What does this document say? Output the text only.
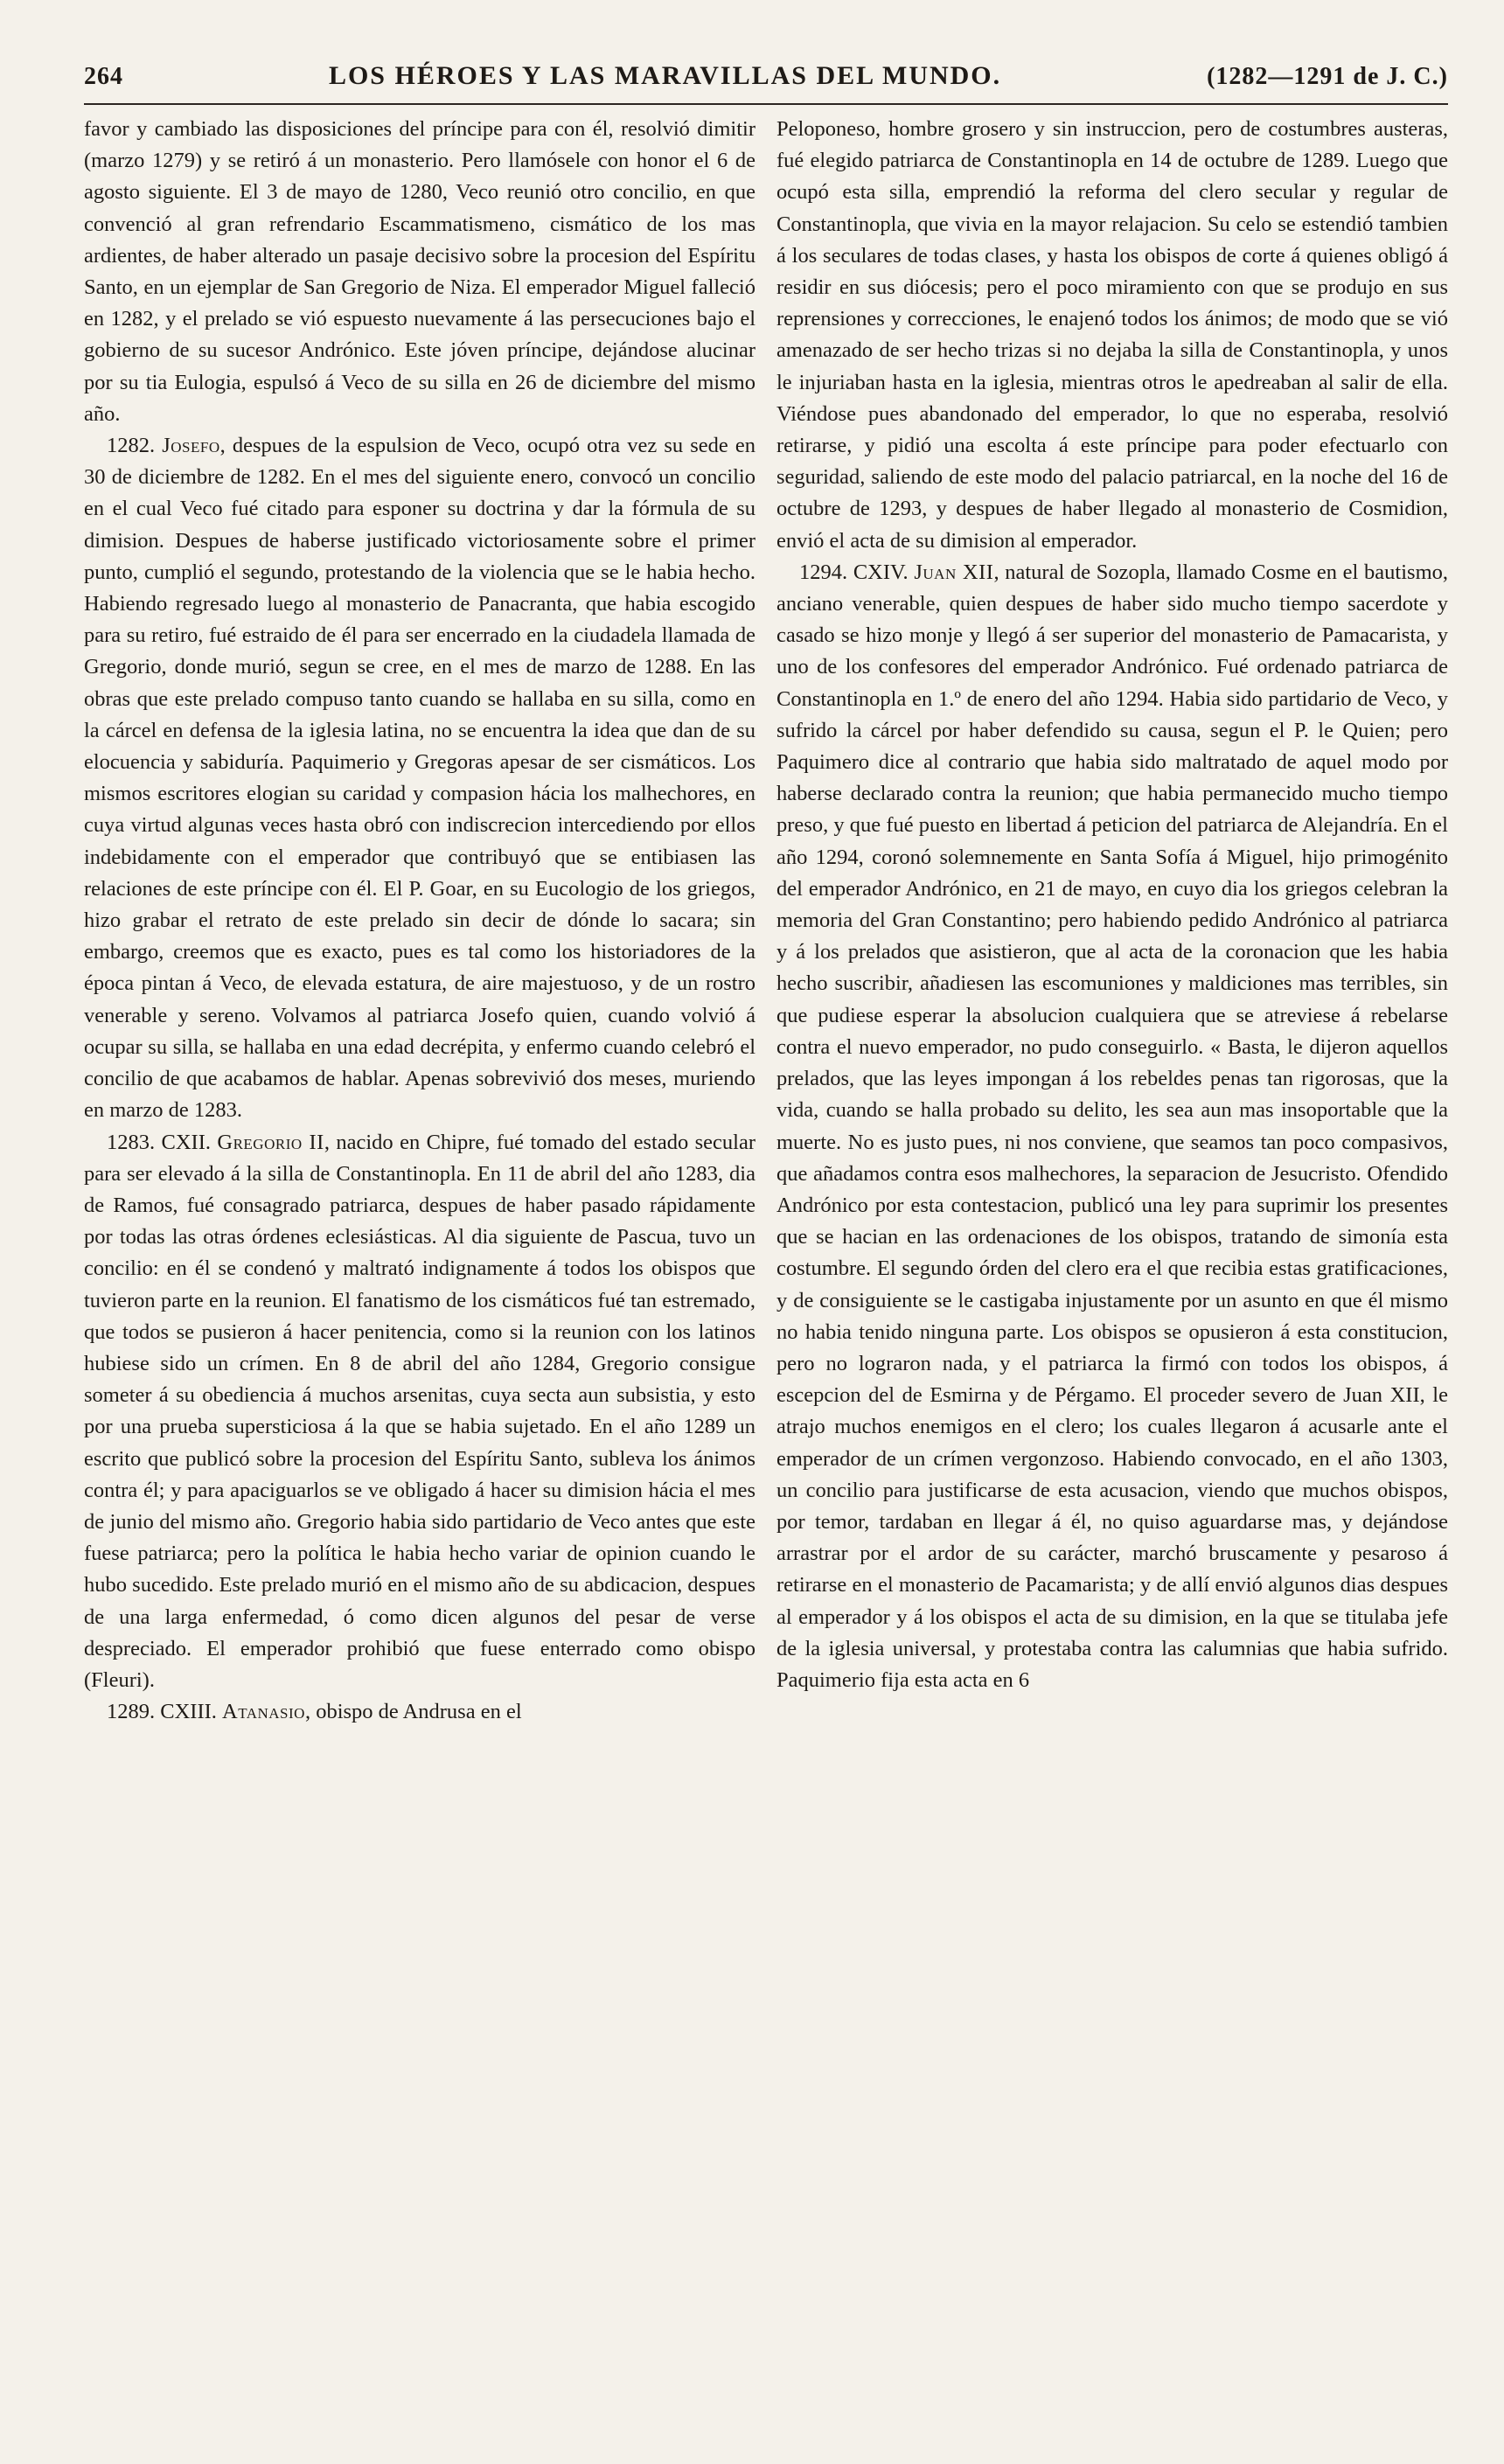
264	LOS HÉROES Y LAS MARAVILLAS DEL MUNDO.	(1282—1291 de J. C.)

favor y cambiado las disposiciones del príncipe para con él, resolvió dimitir (marzo 1279) y se retiró á un monasterio. Pero llamósele con honor el 6 de agosto siguiente. El 3 de mayo de 1280, Veco reunió otro concilio, en que convenció al gran refrendario Escammatismeno, cismático de los mas ardientes, de haber alterado un pasaje decisivo sobre la procesion del Espíritu Santo, en un ejemplar de San Gregorio de Niza. El emperador Miguel falleció en 1282, y el prelado se vió espuesto nuevamente á las persecuciones bajo el gobierno de su sucesor Andrónico. Este jóven príncipe, dejándose alucinar por su tia Eulogia, espulsó á Veco de su silla en 26 de diciembre del mismo año.

1282. Josefo, despues de la espulsion de Veco, ocupó otra vez su sede en 30 de diciembre de 1282. En el mes del siguiente enero, convocó un concilio en el cual Veco fué citado para esponer su doctrina y dar la fórmula de su dimision. Despues de haberse justificado victoriosamente sobre el primer punto, cumplió el segundo, protestando de la violencia que se le habia hecho. Habiendo regresado luego al monasterio de Panacranta, que habia escogido para su retiro, fué estraido de él para ser encerrado en la ciudadela llamada de Gregorio, donde murió, segun se cree, en el mes de marzo de 1288. En las obras que este prelado compuso tanto cuando se hallaba en su silla, como en la cárcel en defensa de la iglesia latina, no se encuentra la idea que dan de su elocuencia y sabiduría. Paquimerio y Gregoras apesar de ser cismáticos. Los mismos escritores elogian su caridad y compasion hácia los malhechores, en cuya virtud algunas veces hasta obró con indiscrecion intercediendo por ellos indebidamente con el emperador que contribuyó que se entibiasen las relaciones de este príncipe con él. El P. Goar, en su Eucologio de los griegos, hizo grabar el retrato de este prelado sin decir de dónde lo sacara; sin embargo, creemos que es exacto, pues es tal como los historiadores de la época pintan á Veco, de elevada estatura, de aire majestuoso, y de un rostro venerable y sereno. Volvamos al patriarca Josefo quien, cuando volvió á ocupar su silla, se hallaba en una edad decrépita, y enfermo cuando celebró el concilio de que acabamos de hablar. Apenas sobrevivió dos meses, muriendo en marzo de 1283.

1283. CXII. Gregorio II, nacido en Chipre, fué tomado del estado secular para ser elevado á la silla de Constantinopla. En 11 de abril del año 1283, dia de Ramos, fué consagrado patriarca, despues de haber pasado rápidamente por todas las otras órdenes eclesiásticas. Al dia siguiente de Pascua, tuvo un concilio: en él se condenó y maltrató indignamente á todos los obispos que tuvieron parte en la reunion. El fanatismo de los cismáticos fué tan estremado, que todos se pusieron á hacer penitencia, como si la reunion con los latinos hubiese sido un crímen. En 8 de abril del año 1284, Gregorio consigue someter á su obediencia á muchos arsenitas, cuya secta aun subsistia, y esto por una prueba supersticiosa á la que se habia sujetado. En el año 1289 un escrito que publicó sobre la procesion del Espíritu Santo, subleva los ánimos contra él; y para apaciguarlos se ve obligado á hacer su dimision hácia el mes de junio del mismo año. Gregorio habia sido partidario de Veco antes que este fuese patriarca; pero la política le habia hecho variar de opinion cuando le hubo sucedido. Este prelado murió en el mismo año de su abdicacion, despues de una larga enfermedad, ó como dicen algunos del pesar de verse despreciado. El emperador prohibió que fuese enterrado como obispo (Fleuri).

1289. CXIII. Atanasio, obispo de Andrusa en el

Peloponeso, hombre grosero y sin instruccion, pero de costumbres austeras, fué elegido patriarca de Constantinopla en 14 de octubre de 1289. Luego que ocupó esta silla, emprendió la reforma del clero secular y regular de Constantinopla, que vivia en la mayor relajacion. Su celo se estendió tambien á los seculares de todas clases, y hasta los obispos de corte á quienes obligó á residir en sus diócesis; pero el poco miramiento con que se produjo en sus reprensiones y correcciones, le enajenó todos los ánimos; de modo que se vió amenazado de ser hecho trizas si no dejaba la silla de Constantinopla, y unos le injuriaban hasta en la iglesia, mientras otros le apedreaban al salir de ella. Viéndose pues abandonado del emperador, lo que no esperaba, resolvió retirarse, y pidió una escolta á este príncipe para poder efectuarlo con seguridad, saliendo de este modo del palacio patriarcal, en la noche del 16 de octubre de 1293, y despues de haber llegado al monasterio de Cosmidion, envió el acta de su dimision al emperador.

1294. CXIV. Juan XII, natural de Sozopla, llamado Cosme en el bautismo, anciano venerable, quien despues de haber sido mucho tiempo sacerdote y casado se hizo monje y llegó á ser superior del monasterio de Pamacarista, y uno de los confesores del emperador Andrónico. Fué ordenado patriarca de Constantinopla en 1.º de enero del año 1294. Habia sido partidario de Veco, y sufrido la cárcel por haber defendido su causa, segun el P. le Quien; pero Paquimero dice al contrario que habia sido maltratado de aquel modo por haberse declarado contra la reunion; que habia permanecido mucho tiempo preso, y que fué puesto en libertad á peticion del patriarca de Alejandría. En el año 1294, coronó solemnemente en Santa Sofía á Miguel, hijo primogénito del emperador Andrónico, en 21 de mayo, en cuyo dia los griegos celebran la memoria del Gran Constantino; pero habiendo pedido Andrónico al patriarca y á los prelados que asistieron, que al acta de la coronacion que les habia hecho suscribir, añadiesen las escomuniones y maldiciones mas terribles, sin que pudiese esperar la absolucion cualquiera que se atreviese á rebelarse contra el nuevo emperador, no pudo conseguirlo. « Basta, le dijeron aquellos prelados, que las leyes impongan á los rebeldes penas tan rigorosas, que la vida, cuando se halla probado su delito, les sea aun mas insoportable que la muerte. No es justo pues, ni nos conviene, que seamos tan poco compasivos, que añadamos contra esos malhechores, la separacion de Jesucristo. Ofendido Andrónico por esta contestacion, publicó una ley para suprimir los presentes que se hacian en las ordenaciones de los obispos, tratando de simonía esta costumbre. El segundo órden del clero era el que recibia estas gratificaciones, y de consiguiente se le castigaba injustamente por un asunto en que él mismo no habia tenido ninguna parte. Los obispos se opusieron á esta constitucion, pero no lograron nada, y el patriarca la firmó con todos los obispos, á escepcion del de Esmirna y de Pérgamo. El proceder severo de Juan XII, le atrajo muchos enemigos en el clero; los cuales llegaron á acusarle ante el emperador de un crímen vergonzoso. Habiendo convocado, en el año 1303, un concilio para justificarse de esta acusacion, viendo que muchos obispos, por temor, tardaban en llegar á él, no quiso aguardarse mas, y dejándose arrastrar por el ardor de su carácter, marchó bruscamente y pesaroso á retirarse en el monasterio de Pacamarista; y de allí envió algunos dias despues al emperador y á los obispos el acta de su dimision, en la que se titulaba jefe de la iglesia universal, y protestaba contra las calumnias que habia sufrido. Paquimerio fija esta acta en 6
